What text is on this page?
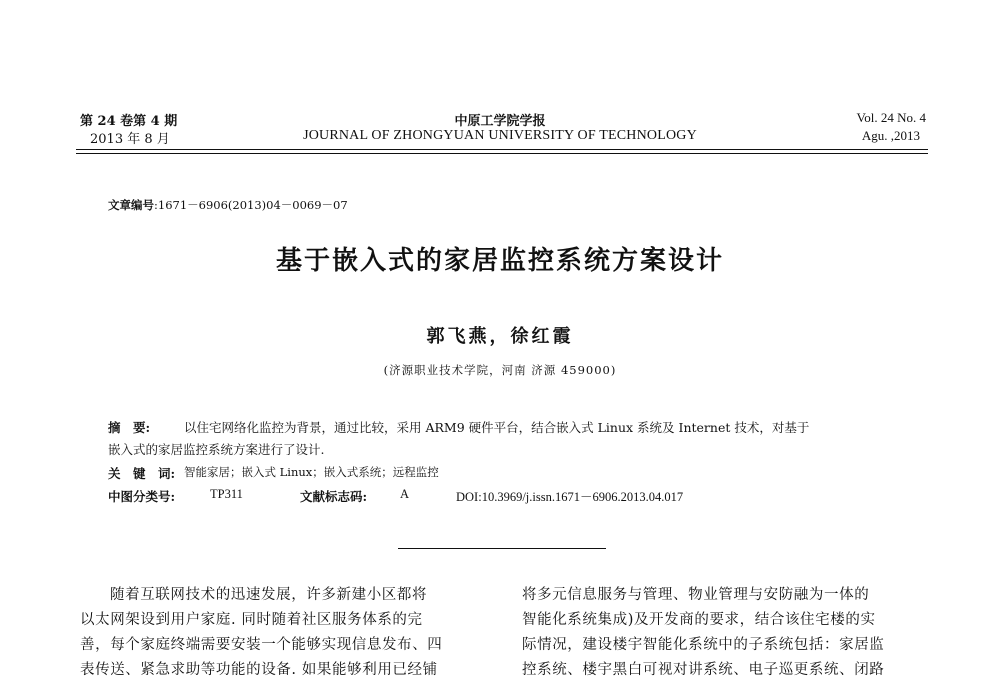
第 24 卷第 4 期
2013 年 8 月
中原工学院学报
JOURNAL OF ZHONGYUAN UNIVERSITY OF TECHNOLOGY
Vol. 24 No. 4
Agu. ,2013
文章编号:1671－6906(2013)04－0069－07
基于嵌入式的家居监控系统方案设计
郭飞燕，徐红霞
(济源职业技术学院，河南 济源 459000)
摘　要:	以住宅网络化监控为背景，通过比较，采用 ARM9 硬件平台，结合嵌入式 Linux 系统及 Internet 技术，对基于
嵌入式的家居监控系统方案进行了设计.
关　键　词: 智能家居；嵌入式 Linux；嵌入式系统；远程监控
中图分类号:	TP311	文献标志码:	A	DOI:10.3969/j.issn.1671－6906.2013.04.017
随着互联网技术的迅速发展，许多新建小区都将
以太网架设到用户家庭. 同时随着社区服务体系的完
善，每个家庭终端需要安装一个能够实现信息发布、四
表传送、紧急求助等功能的设备. 如果能够利用已经铺
将多元信息服务与管理、物业管理与安防融为一体的
智能化系统集成)及开发商的要求，结合该住宅楼的实
际情况，建设楼宇智能化系统中的子系统包括：家居监
控系统、楼宇黑白可视对讲系统、电子巡更系统、闭路
